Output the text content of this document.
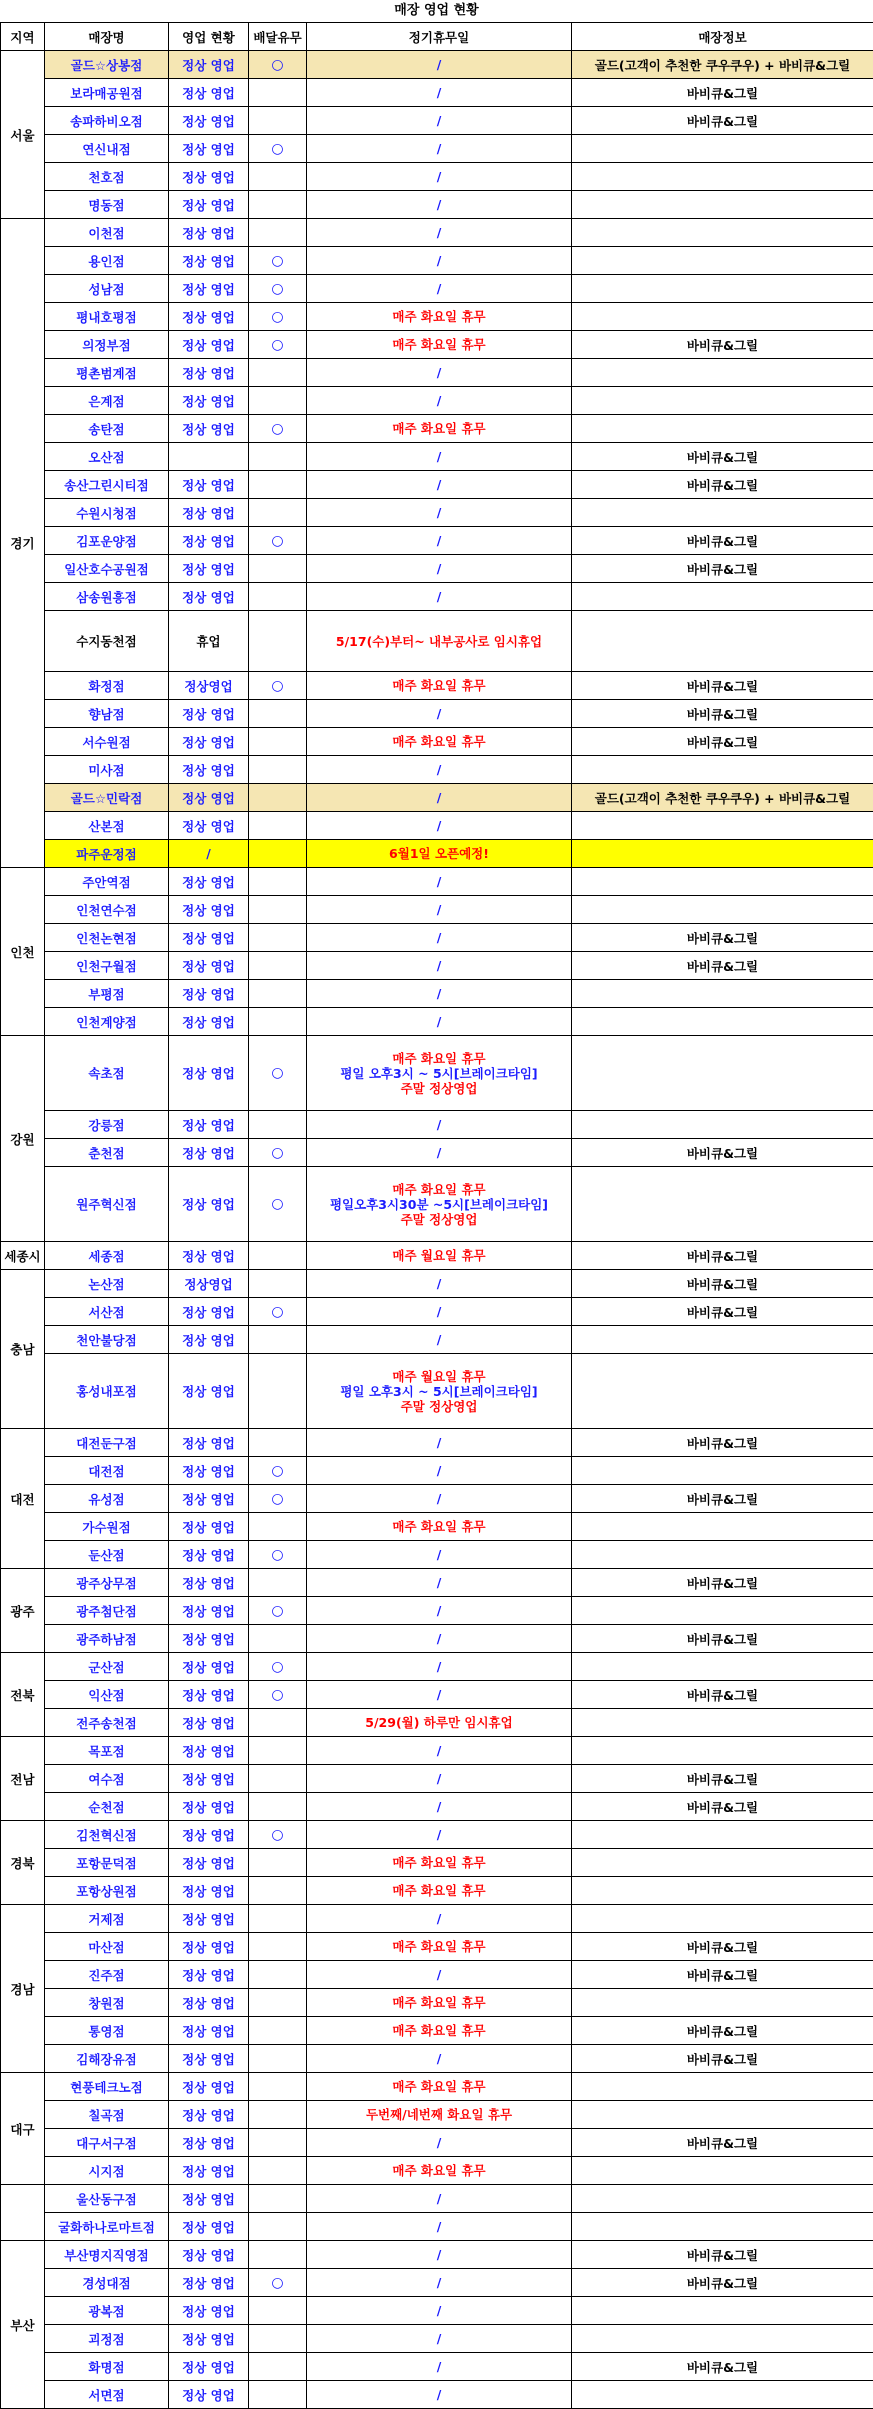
매장 영업 현황
지역	매장명	영업 현황	배달유무	정기휴무일	매장정보
서울	골드☆상봉점	정상 영업	○	/	골드(고객이 추천한 쿠우쿠우) + 바비큐&그릴
	보라매공원점	정상 영업		/	바비큐&그릴
	송파하비오점	정상 영업		/	바비큐&그릴
	연신내점	정상 영업	○	/	

	천호점	정상 영업		/	

	명동점	정상 영업		/	

경기	이천점	정상 영업		/	

	용인점	정상 영업	○	/	

	성남점	정상 영업	○	/	

	평내호평점	정상 영업	○	매주 화요일 휴무	

	의정부점	정상 영업	○	매주 화요일 휴무	바비큐&그릴
	평촌범계점	정상 영업		/	

	은계점	정상 영업		/	

	송탄점	정상 영업	○	매주 화요일 휴무	

	오산점			/	바비큐&그릴
	송산그린시티점	정상 영업		/	바비큐&그릴
	수원시청점	정상 영업		/	

	김포운양점	정상 영업	○	/	바비큐&그릴
	일산호수공원점	정상 영업		/	바비큐&그릴
	삼송원흥점	정상 영업		/	

	수지동천점	휴업		5/17(수)부터~ 내부공사로 임시휴업	

	화정점	정상영업	○	매주 화요일 휴무	바비큐&그릴
	향남점	정상 영업		/	바비큐&그릴
	서수원점	정상 영업		매주 화요일 휴무	바비큐&그릴
	미사점	정상 영업		/	

	골드☆민락점	정상 영업		/	골드(고객이 추천한 쿠우쿠우) + 바비큐&그릴
	산본점	정상 영업		/	

	파주운정점	/		6월1일 오픈예정!	

인천	주안역점	정상 영업		/	

	인천연수점	정상 영업		/	

	인천논현점	정상 영업		/	바비큐&그릴
	인천구월점	정상 영업		/	바비큐&그릴
	부평점	정상 영업		/	

	인천계양점	정상 영업		/	

강원	속초점	정상 영업	○	매주 화요일 휴무
평일 오후3시 ~ 5시[브레이크타임]
주말 정상영업	

	강릉점	정상 영업		/	

	춘천점	정상 영업	○	/	바비큐&그릴
	원주혁신점	정상 영업	○	매주 화요일 휴무
평일오후3시30분 ~5시[브레이크타임]
주말 정상영업	

세종시	세종점	정상 영업		매주 월요일 휴무	바비큐&그릴
충남	논산점	정상영업		/	바비큐&그릴
	서산점	정상 영업	○	/	바비큐&그릴
	천안불당점	정상 영업		/	

	홍성내포점	정상 영업		매주 월요일 휴무
평일 오후3시 ~ 5시[브레이크타임]
주말 정상영업	

대전	대전둔구점	정상 영업		/	바비큐&그릴
	대전점	정상 영업	○	/	

	유성점	정상 영업	○	/	바비큐&그릴
	가수원점	정상 영업		매주 화요일 휴무	

	둔산점	정상 영업	○	/	

광주	광주상무점	정상 영업		/	바비큐&그릴
	광주첨단점	정상 영업	○	/	

	광주하남점	정상 영업		/	바비큐&그릴
전북	군산점	정상 영업	○	/	

	익산점	정상 영업	○	/	바비큐&그릴
	전주송천점	정상 영업		5/29(월) 하루만 임시휴업	

전남	목포점	정상 영업		/	

	여수점	정상 영업		/	바비큐&그릴
	순천점	정상 영업		/	바비큐&그릴
경북	김천혁신점	정상 영업	○	/	

	포항문덕점	정상 영업		매주 화요일 휴무	

	포항상원점	정상 영업		매주 화요일 휴무	

경남	거제점	정상 영업		/	

	마산점	정상 영업		매주 화요일 휴무	바비큐&그릴
	진주점	정상 영업		/	바비큐&그릴
	창원점	정상 영업		매주 화요일 휴무	

	통영점	정상 영업		매주 화요일 휴무	바비큐&그릴
	김해장유점	정상 영업		/	바비큐&그릴
대구	현풍테크노점	정상 영업		매주 화요일 휴무	

	칠곡점	정상 영업		두번째/네번째 화요일 휴무	

	대구서구점	정상 영업		/	바비큐&그릴
	시지점	정상 영업		매주 화요일 휴무	

	울산동구점	정상 영업		/	

	굴화하나로마트점	정상 영업		/	

부산	부산명지직영점	정상 영업		/	바비큐&그릴
	경성대점	정상 영업	○	/	바비큐&그릴
	광복점	정상 영업		/	

	괴정점	정상 영업		/	

	화명점	정상 영업		/	바비큐&그릴
	서면점	정상 영업		/	
